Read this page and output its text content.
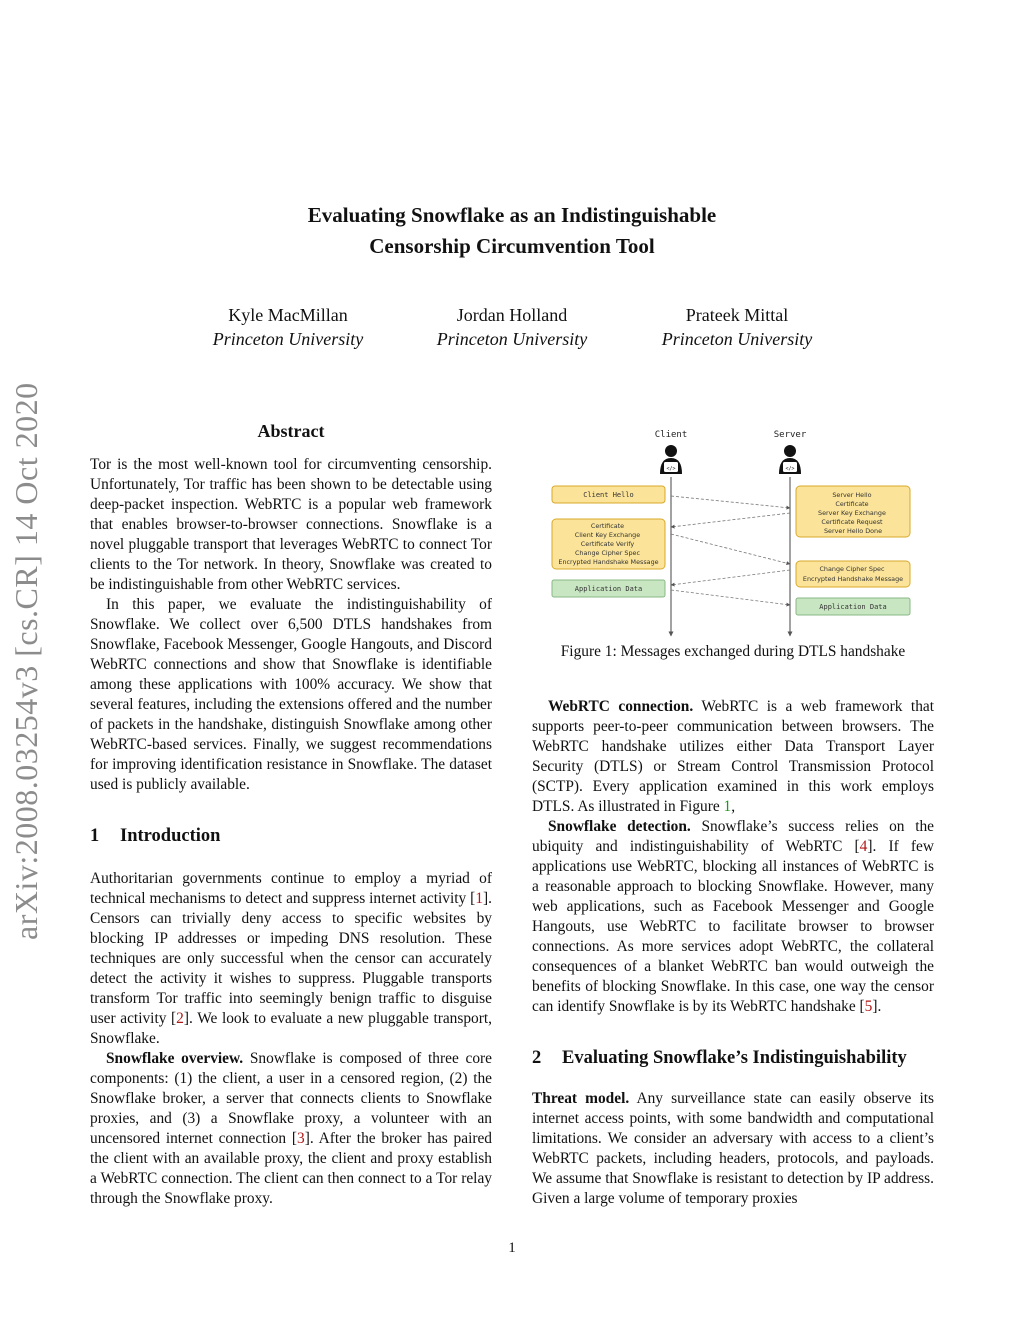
arXiv:2008.03254v3 [cs.CR] 14 Oct 2020
Evaluating Snowflake as an Indistinguishable
Censorship Circumvention Tool
Kyle MacMillan
Princeton University
Jordan Holland
Princeton University
Prateek Mittal
Princeton University
Abstract

Tor is the most well-known tool for circumventing censorship. Unfortunately, Tor traffic has been shown to be detectable using deep-packet inspection. WebRTC is a popular web framework that enables browser-to-browser connections. Snowflake is a novel pluggable transport that leverages WebRTC to connect Tor clients to the Tor network. In theory, Snowflake was created to be indistinguishable from other WebRTC services.

In this paper, we evaluate the indistinguishability of Snowflake. We collect over 6,500 DTLS handshakes from Snowflake, Facebook Messenger, Google Hangouts, and Discord WebRTC connections and show that Snowflake is identifiable among these applications with 100% accuracy. We show that several features, including the extensions offered and the number of packets in the handshake, distinguish Snowflake among other WebRTC-based services. Finally, we suggest recommendations for improving identification resistance in Snowflake. The dataset used is publicly available.

1 Introduction

Authoritarian governments continue to employ a myriad of technical mechanisms to detect and suppress internet activity [1]. Censors can trivially deny access to specific websites by blocking IP addresses or impeding DNS resolution. These techniques are only successful when the censor can accurately detect the activity it wishes to suppress. Pluggable transports transform Tor traffic into seemingly benign traffic to disguise user activity [2]. We look to evaluate a new pluggable transport, Snowflake.

Snowflake overview. Snowflake is composed of three core components: (1) the client, a user in a censored region, (2) the Snowflake broker, a server that connects clients to Snowflake proxies, and (3) a Snowflake proxy, a volunteer with an uncensored internet connection [3]. After the broker has paired the client with an available proxy, the client and proxy establish a WebRTC connection. The client can then connect to a Tor relay through the Snowflake proxy.

Client	Server
</>	</>
Client Hello
Certificate Client Key Exchange Certificate Verify Change Cipher Spec Encrypted Handshake Message
Application Data
Server Hello Certificate Server Key Exchange Certificate Request Server Hello Done
Change Cipher Spec Encrypted Handshake Message
Application Data
Figure 1: Messages exchanged during DTLS handshake

WebRTC connection. WebRTC is a web framework that supports peer-to-peer communication between browsers. The WebRTC handshake utilizes either Data Transport Layer Security (DTLS) or Stream Control Transmission Protocol (SCTP). Every application examined in this work employs DTLS. As illustrated in Figure 1,

Snowflake detection. Snowflake’s success relies on the ubiquity and indistinguishability of WebRTC [4]. If few applications use WebRTC, blocking all instances of WebRTC is a reasonable approach to blocking Snowflake. However, many web applications, such as Facebook Messenger and Google Hangouts, use WebRTC to facilitate browser to browser connections. As more services adopt WebRTC, the collateral consequences of a blanket WebRTC ban would outweigh the benefits of blocking Snowflake. In this case, one way the censor can identify Snowflake is by its WebRTC handshake [5].

2 Evaluating Snowflake’s Indistinguishability

Threat model. Any surveillance state can easily observe its internet access points, with some bandwidth and computational limitations. We consider an adversary with access to a client’s WebRTC packets, including headers, protocols, and payloads. We assume that Snowflake is resistant to detection by IP address. Given a large volume of temporary proxies

1
